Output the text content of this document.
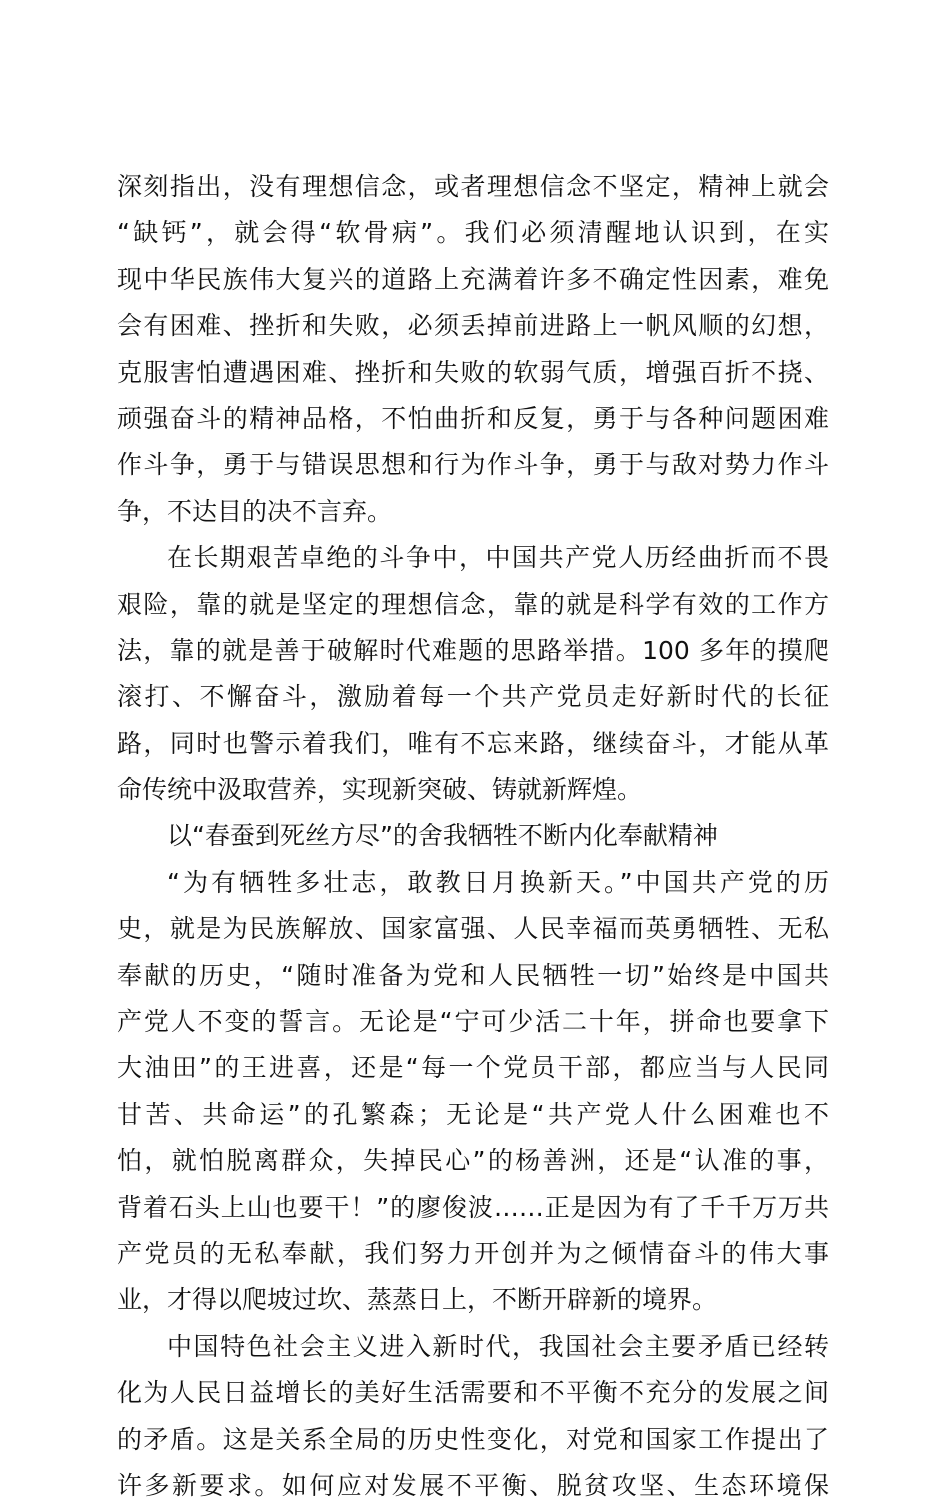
深刻指出，没有理想信念，或者理想信念不坚定，精神上就会
“缺钙”，就会得“软骨病”。我们必须清醒地认识到，在实
现中华民族伟大复兴的道路上充满着许多不确定性因素，难免
会有困难、挫折和失败，必须丢掉前进路上一帆风顺的幻想，
克服害怕遭遇困难、挫折和失败的软弱气质，增强百折不挠、
顽强奋斗的精神品格，不怕曲折和反复，勇于与各种问题困难
作斗争，勇于与错误思想和行为作斗争，勇于与敌对势力作斗
争，不达目的决不言弃。
在长期艰苦卓绝的斗争中，中国共产党人历经曲折而不畏
艰险，靠的就是坚定的理想信念，靠的就是科学有效的工作方
法，靠的就是善于破解时代难题的思路举措。100 多年的摸爬
滚打、不懈奋斗，激励着每一个共产党员走好新时代的长征
路，同时也警示着我们，唯有不忘来路，继续奋斗，才能从革
命传统中汲取营养，实现新突破、铸就新辉煌。
以“春蚕到死丝方尽”的舍我牺牲不断内化奉献精神
“为有牺牲多壮志，敢教日月换新天。”中国共产党的历
史，就是为民族解放、国家富强、人民幸福而英勇牺牲、无私
奉献的历史，“随时准备为党和人民牺牲一切”始终是中国共
产党人不变的誓言。无论是“宁可少活二十年，拼命也要拿下
大油田”的王进喜，还是“每一个党员干部，都应当与人民同
甘苦、共命运”的孔繁森；无论是“共产党人什么困难也不
怕，就怕脱离群众，失掉民心”的杨善洲，还是“认准的事，
背着石头上山也要干！”的廖俊波……正是因为有了千千万万共
产党员的无私奉献，我们努力开创并为之倾情奋斗的伟大事
业，才得以爬坡过坎、蒸蒸日上，不断开辟新的境界。
中国特色社会主义进入新时代，我国社会主要矛盾已经转
化为人民日益增长的美好生活需要和不平衡不充分的发展之间
的矛盾。这是关系全局的历史性变化，对党和国家工作提出了
许多新要求。如何应对发展不平衡、脱贫攻坚、生态环境保
